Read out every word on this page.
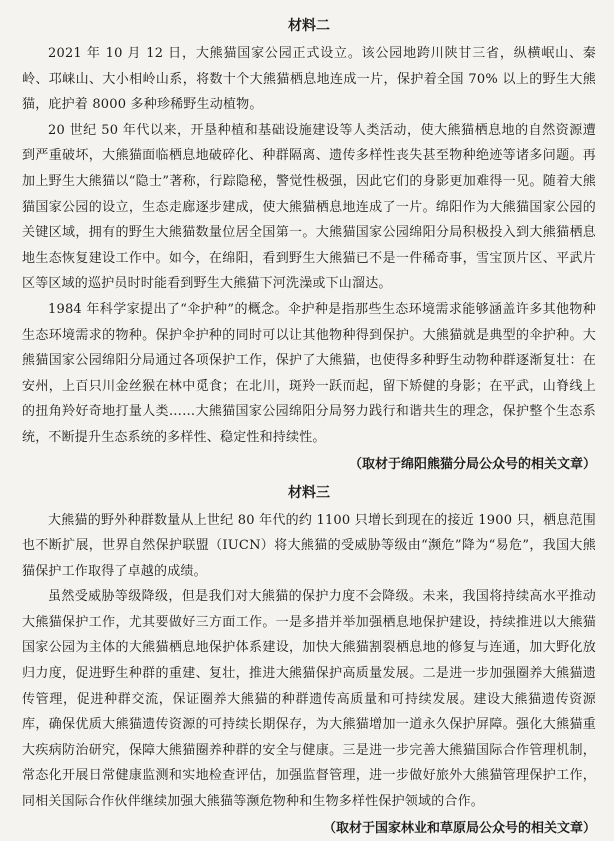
材料二

2021 年 10 月 12 日，大熊猫国家公园正式设立。该公园地跨川陕甘三省，纵横岷山、秦岭、邛崃山、大小相岭山系，将数十个大熊猫栖息地连成一片，保护着全国 70% 以上的野生大熊猫，庇护着 8000 多种珍稀野生动植物。

20 世纪 50 年代以来，开垦种植和基础设施建设等人类活动，使大熊猫栖息地的自然资源遭到严重破坏，大熊猫面临栖息地破碎化、种群隔离、遗传多样性丧失甚至物种绝迹等诸多问题。再加上野生大熊猫以“隐士”著称，行踪隐秘，警觉性极强，因此它们的身影更加难得一见。随着大熊猫国家公园的设立，生态走廊逐步建成，使大熊猫栖息地连成了一片。绵阳作为大熊猫国家公园的关键区域，拥有的野生大熊猫数量位居全国第一。大熊猫国家公园绵阳分局积极投入到大熊猫栖息地生态恢复建设工作中。如今，在绵阳，看到野生大熊猫已不是一件稀奇事，雪宝顶片区、平武片区等区域的巡护员时时能看到野生大熊猫下河洗澡或下山溜达。

1984 年科学家提出了“伞护种”的概念。伞护种是指那些生态环境需求能够涵盖许多其他物种生态环境需求的物种。保护伞护种的同时可以让其他物种得到保护。大熊猫就是典型的伞护种。大熊猫国家公园绵阳分局通过各项保护工作，保护了大熊猫，也使得多种野生动物种群逐渐复壮：在安州，上百只川金丝猴在林中觅食；在北川，斑羚一跃而起，留下矫健的身影；在平武，山脊线上的扭角羚好奇地打量人类……大熊猫国家公园绵阳分局努力践行和谐共生的理念，保护整个生态系统，不断提升生态系统的多样性、稳定性和持续性。

（取材于绵阳熊猫分局公众号的相关文章）
材料三

大熊猫的野外种群数量从上世纪 80 年代的约 1100 只增长到现在的接近 1900 只，栖息范围也不断扩展，世界自然保护联盟（IUCN）将大熊猫的受威胁等级由“濒危”降为“易危”，我国大熊猫保护工作取得了卓越的成绩。

虽然受威胁等级降级，但是我们对大熊猫的保护力度不会降级。未来，我国将持续高水平推动大熊猫保护工作，尤其要做好三方面工作。一是多措并举加强栖息地保护建设，持续推进以大熊猫国家公园为主体的大熊猫栖息地保护体系建设，加快大熊猫割裂栖息地的修复与连通，加大野化放归力度，促进野生种群的重建、复壮，推进大熊猫保护高质量发展。二是进一步加强圈养大熊猫遗传管理，促进种群交流，保证圈养大熊猫的种群遗传高质量和可持续发展。建设大熊猫遗传资源库，确保优质大熊猫遗传资源的可持续长期保存，为大熊猫增加一道永久保护屏障。强化大熊猫重大疾病防治研究，保障大熊猫圈养种群的安全与健康。三是进一步完善大熊猫国际合作管理机制，常态化开展日常健康监测和实地检查评估，加强监督管理，进一步做好旅外大熊猫管理保护工作，同相关国际合作伙伴继续加强大熊猫等濒危物种和生物多样性保护领域的合作。

（取材于国家林业和草原局公众号的相关文章）
